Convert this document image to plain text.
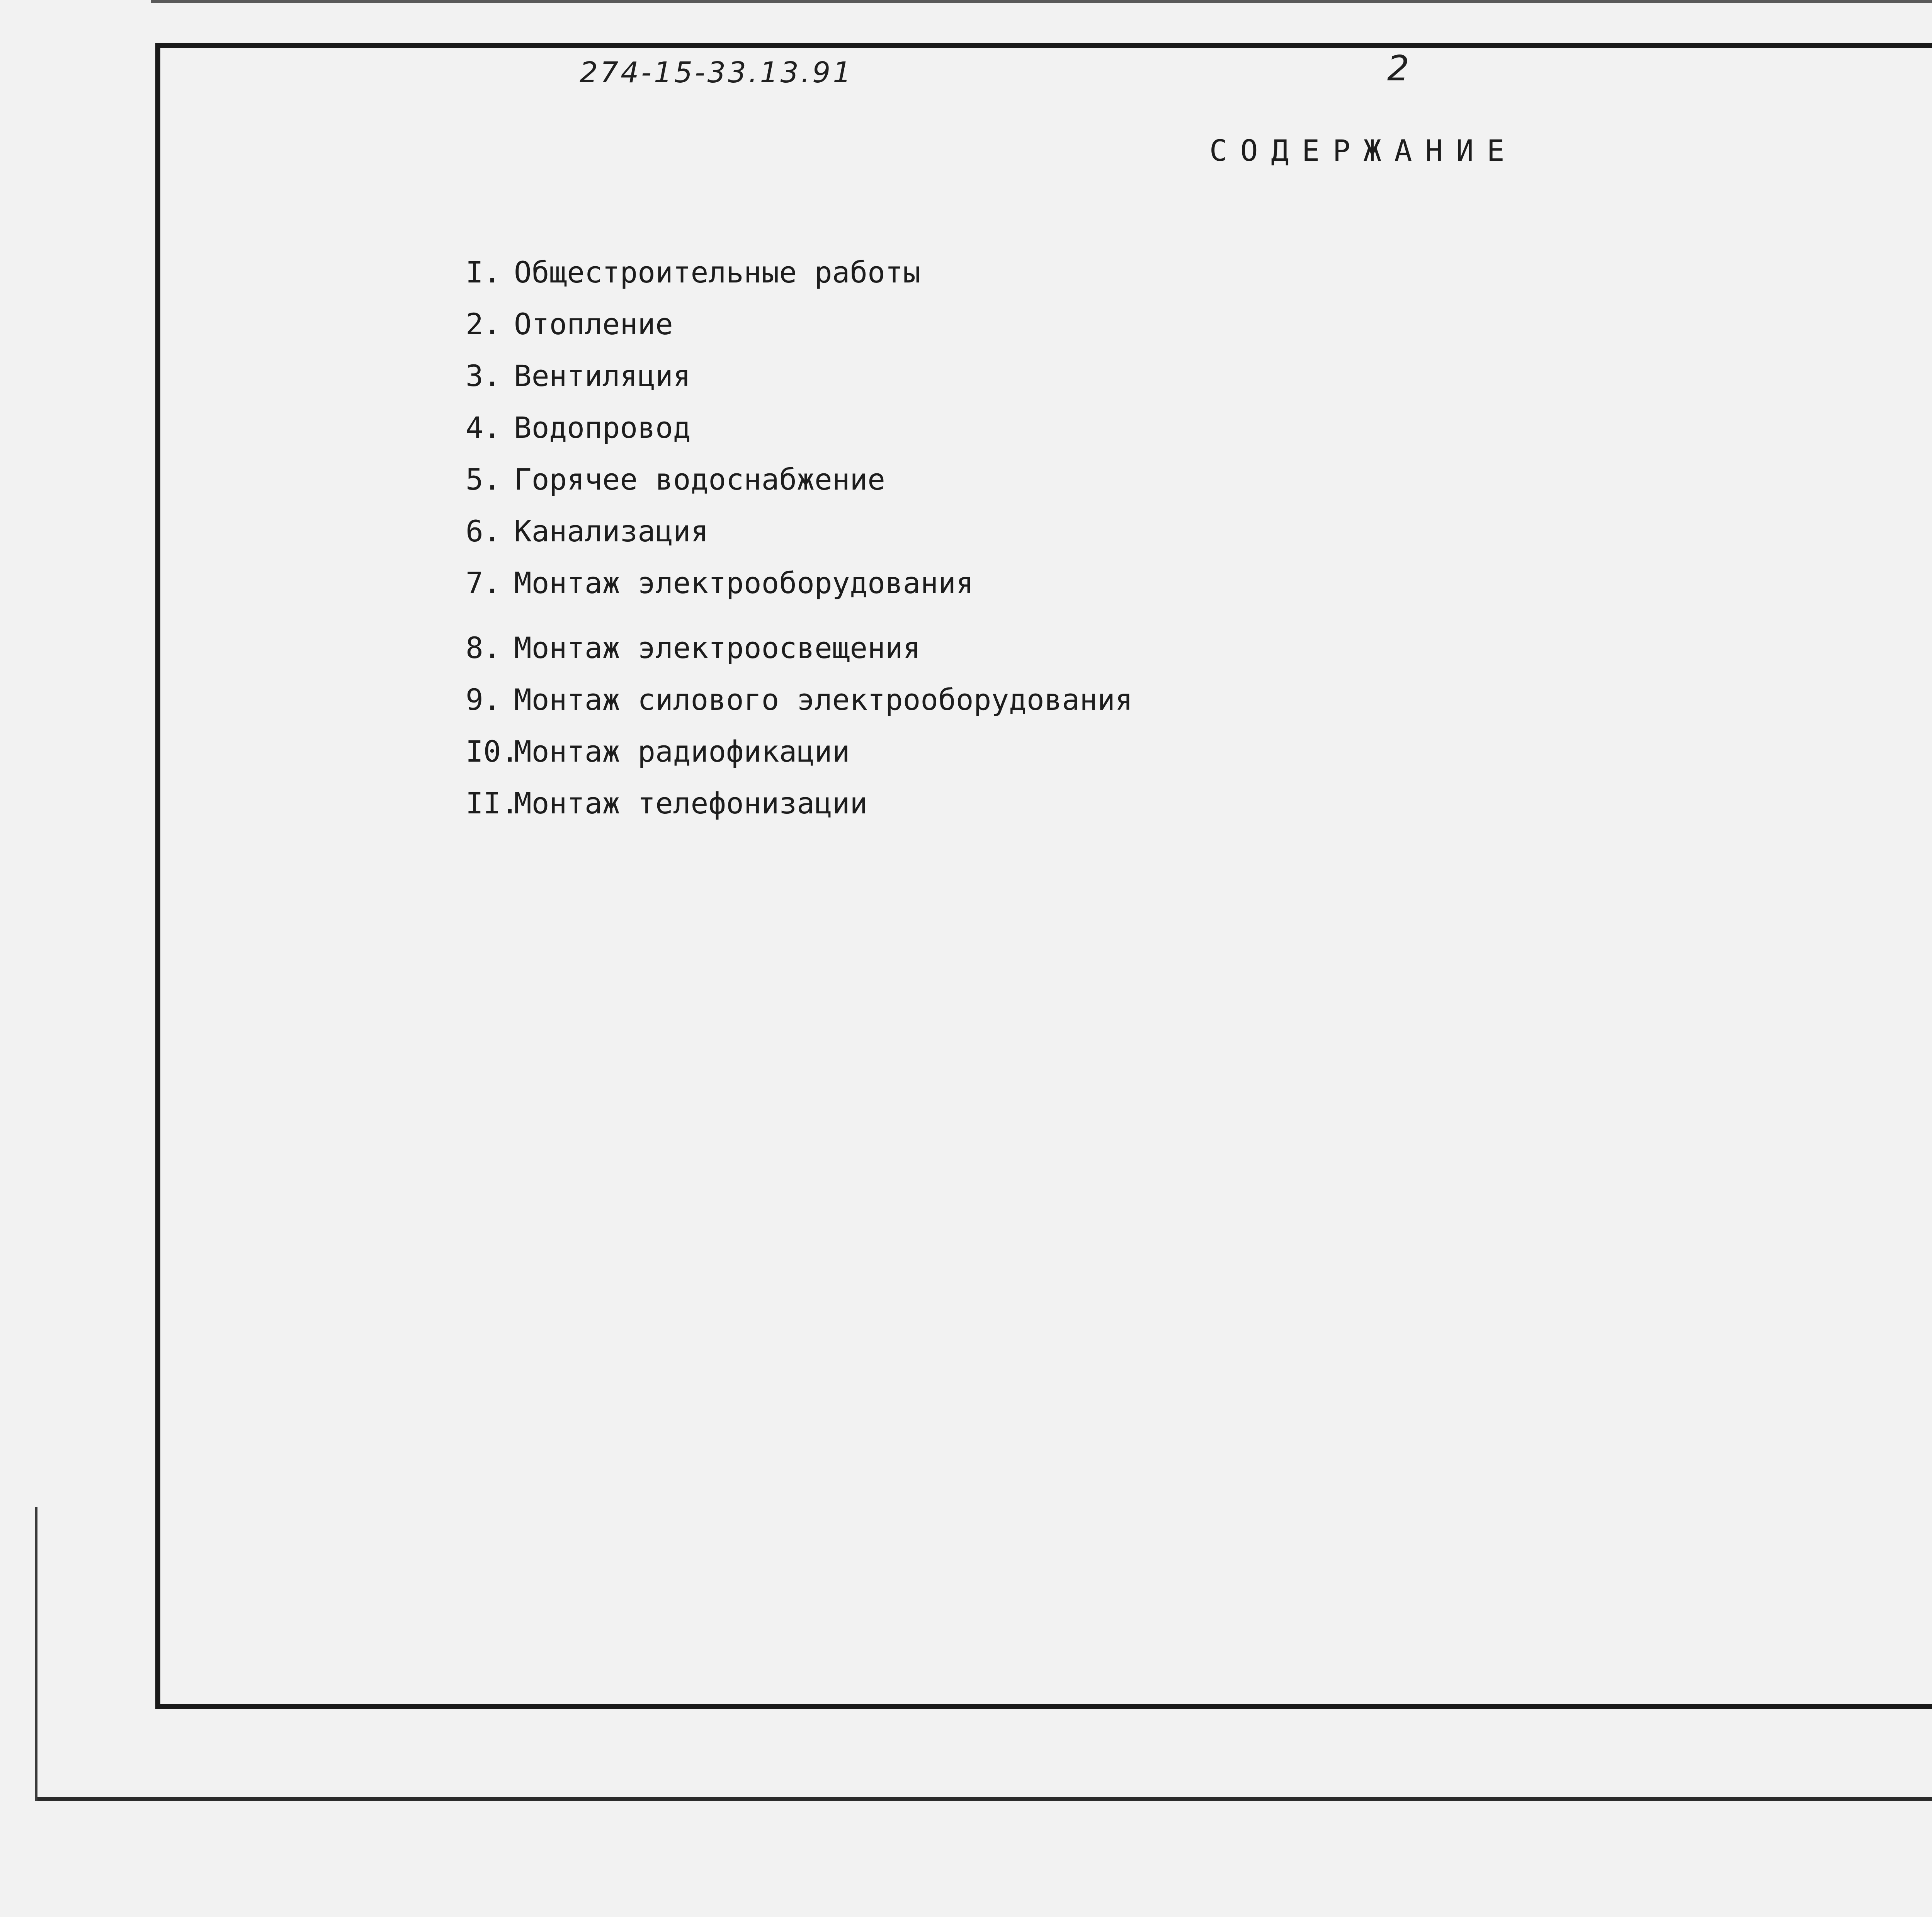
274-15-33.13.91	2
СОДЕРЖАНИЕ
I. Общестроительные работы
2. Отопление
3. Вентиляция
4. Водопровод
5. Горячее водоснабжение
6. Канализация
7. Монтаж электрооборудования
8. Монтаж электроосвещения
9. Монтаж силового электрооборудования
I0.
Монтаж радиофикации
II.
Монтаж телефонизации
